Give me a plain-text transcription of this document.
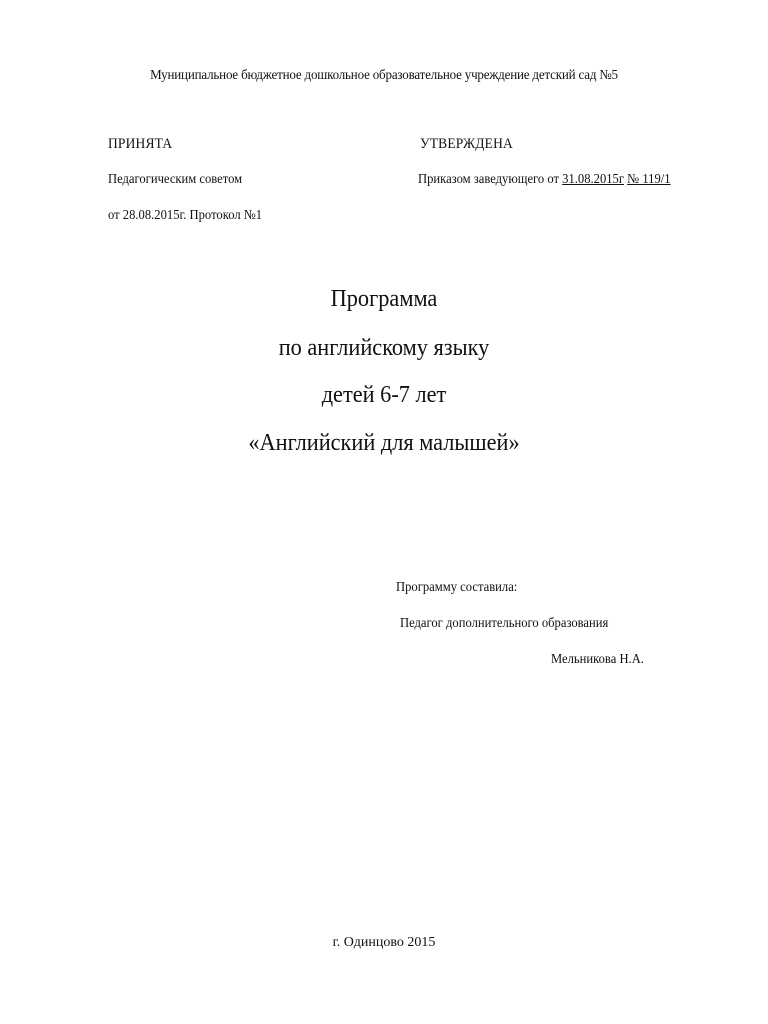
Муниципальное бюджетное дошкольное образовательное учреждение детский сад №5
ПРИНЯТА
Педагогическим советом
от 28.08.2015г. Протокол №1
УТВЕРЖДЕНА
Приказом заведующего от 31.08.2015г № 119/1
Программа
по английскому языку
детей 6-7 лет
«Английский для малышей»
Программу составила:
Педагог дополнительного образования
Мельникова Н.А.
г. Одинцово 2015
